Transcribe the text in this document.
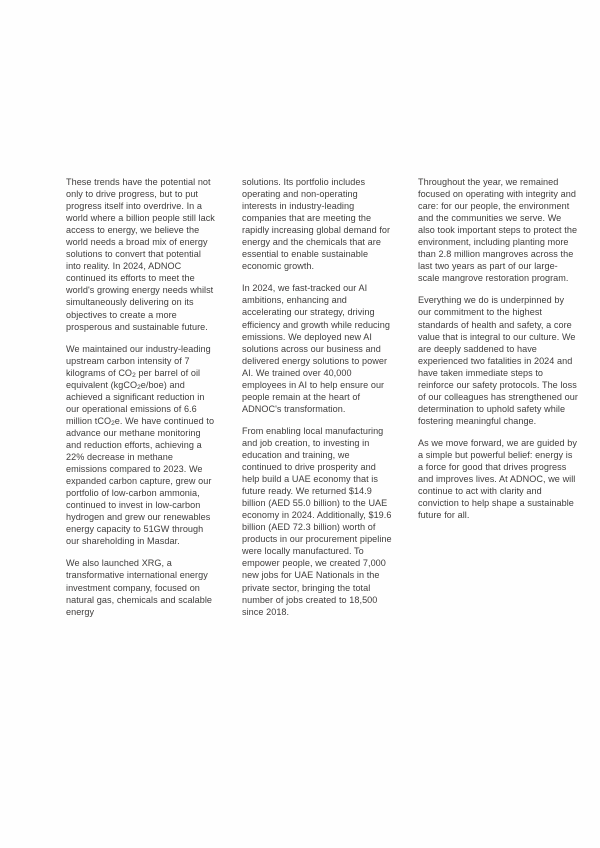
These trends have the potential not only to drive progress, but to put progress itself into overdrive. In a world where a billion people still lack access to energy, we believe the world needs a broad mix of energy solutions to convert that potential into reality. In 2024, ADNOC continued its efforts to meet the world's growing energy needs whilst simultaneously delivering on its objectives to create a more prosperous and sustainable future.

We maintained our industry-leading upstream carbon intensity of 7 kilograms of $CO_2$ per barrel of oil equivalent (kgCO$_2$e/boe) and achieved a significant reduction in our operational emissions of 6.6 million tCO$_2$e. We have continued to advance our methane monitoring and reduction efforts, achieving a 22% decrease in methane emissions compared to 2023. We expanded carbon capture, grew our portfolio of low-carbon ammonia, continued to invest in low-carbon hydrogen and grew our renewables energy capacity to 51GW through our shareholding in Masdar.

We also launched XRG, a transformative international energy investment company, focused on natural gas, chemicals and scalable energy

solutions. Its portfolio includes operating and non-operating interests in industry-leading companies that are meeting the rapidly increasing global demand for energy and the chemicals that are essential to enable sustainable economic growth.

In 2024, we fast-tracked our AI ambitions, enhancing and accelerating our strategy, driving efficiency and growth while reducing emissions. We deployed new AI solutions across our business and delivered energy solutions to power AI. We trained over 40,000 employees in AI to help ensure our people remain at the heart of ADNOC's transformation.

From enabling local manufacturing and job creation, to investing in education and training, we continued to drive prosperity and help build a UAE economy that is future ready. We returned $14.9 billion (AED 55.0 billion) to the UAE economy in 2024. Additionally, $19.6 billion (AED 72.3 billion) worth of products in our procurement pipeline were locally manufactured. To empower people, we created 7,000 new jobs for UAE Nationals in the private sector, bringing the total number of jobs created to 18,500 since 2018.

Throughout the year, we remained focused on operating with integrity and care: for our people, the environment and the communities we serve. We also took important steps to protect the environment, including planting more than 2.8 million mangroves across the last two years as part of our large-scale mangrove restoration program.

Everything we do is underpinned by our commitment to the highest standards of health and safety, a core value that is integral to our culture. We are deeply saddened to have experienced two fatalities in 2024 and have taken immediate steps to reinforce our safety protocols. The loss of our colleagues has strengthened our determination to uphold safety while fostering meaningful change.

As we move forward, we are guided by a simple but powerful belief: energy is a force for good that drives progress and improves lives. At ADNOC, we will continue to act with clarity and conviction to help shape a sustainable future for all.
